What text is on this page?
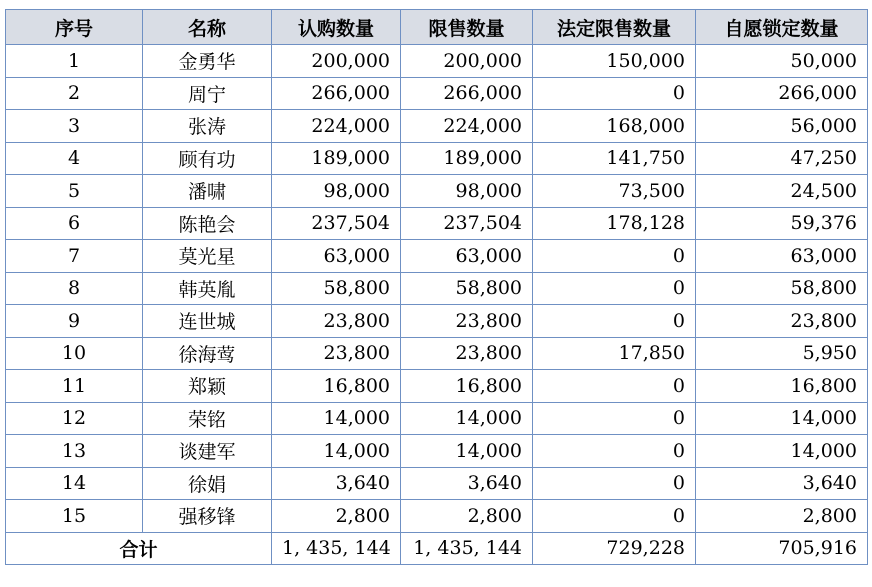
序号	名称	认购数量	限售数量	法定限售数量	自愿锁定数量
1	金勇华	200,000	200,000	150,000	50,000
2	周宁	266,000	266,000	0	266,000
3	张涛	224,000	224,000	168,000	56,000
4	顾有功	189,000	189,000	141,750	47,250
5	潘啸	98,000	98,000	73,500	24,500
6	陈艳会	237,504	237,504	178,128	59,376
7	莫光星	63,000	63,000	0	63,000
8	韩英胤	58,800	58,800	0	58,800
9	连世城	23,800	23,800	0	23,800
10	徐海莺	23,800	23,800	17,850	5,950
11	郑颖	16,800	16,800	0	16,800
12	荣铭	14,000	14,000	0	14,000
13	谈建军	14,000	14,000	0	14,000
14	徐娟	3,640	3,640	0	3,640
15	强移锋	2,800	2,800	0	2,800
合计		1, 435, 144	1, 435, 144	729,228	705,916
